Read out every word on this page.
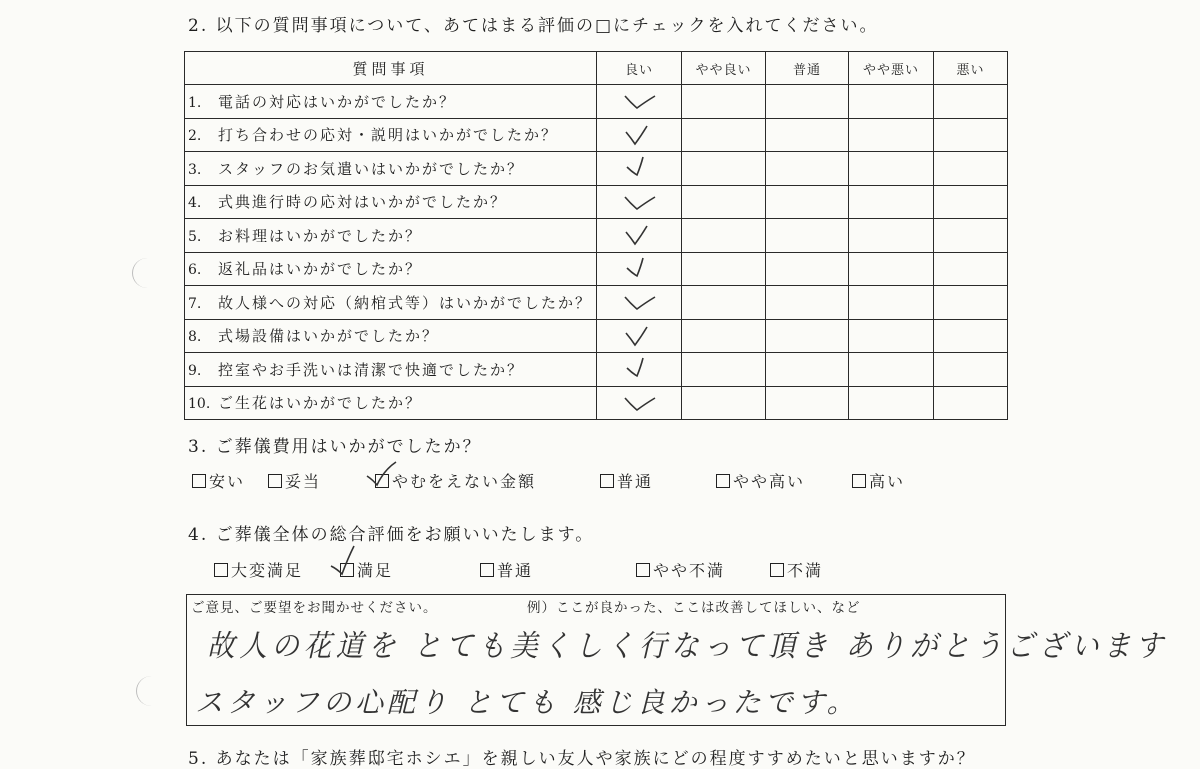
2. 以下の質問事項について、あてはまる評価の□にチェックを入れてください。
質問事項	良い	やや良い	普通	やや悪い	悪い
1. 電話の対応はいかがでしたか？	

2. 打ち合わせの応対・説明はいかがでしたか？	

3. スタッフのお気遣いはいかがでしたか？	

4. 式典進行時の応対はいかがでしたか？	

5. お料理はいかがでしたか？	

6. 返礼品はいかがでしたか？	

7. 故人様への対応（納棺式等）はいかがでしたか？	

8. 式場設備はいかがでしたか？	

9. 控室やお手洗いは清潔で快適でしたか？	

10. ご生花はいかがでしたか？	

3. ご葬儀費用はいかがでしたか？
安い	妥当	やむをえない金額	普通	やや高い	高い
4. ご葬儀全体の総合評価をお願いいたします。
大変満足	満足	普通	やや不満	不満
ご意見、ご要望をお聞かせください。	例）ここが良かった、ここは改善してほしい、など
故人の花道を とても美くしく行なって頂き ありがとうございます
スタッフの心配り とても 感じ良かったです。
5. あなたは「家族葬邸宅ホシエ」を親しい友人や家族にどの程度すすめたいと思いますか？
